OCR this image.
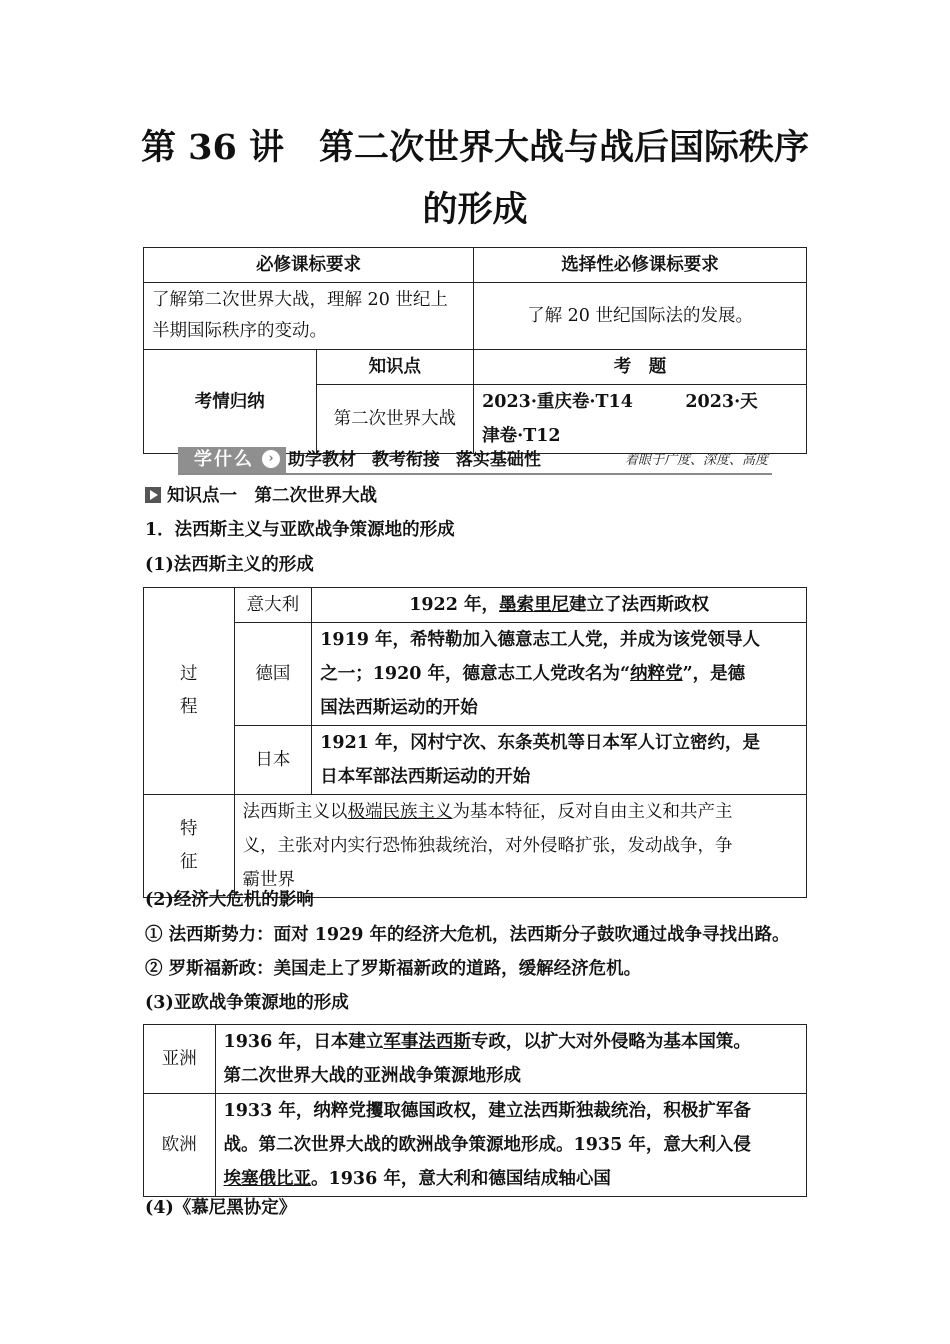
第 36 讲　第二次世界大战与战后国际秩序
的形成
必修课标要求		选择性必修课标要求
了解第二次世界大战，理解 20 世纪上半期国际秩序的变动。		了解 20 世纪国际法的发展。
考情归纳	知识点	考　题
	第二次世界大战	2023·重庆卷·T14　　　2023·天
津卷·T12
学什么	› 助学教材 教考衔接 落实基础性	着眼于广度、深度、高度
知识点一　第二次世界大战
1．法西斯主义与亚欧战争策源地的形成
(1)法西斯主义的形成
过程	意大利	1922 年，墨索里尼建立了法西斯政权
	德国	1919 年，希特勒加入德意志工人党，并成为该党领导人
之一；1920 年，德意志工人党改名为“纳粹党”，是德
国法西斯运动的开始

	日本	1921 年，冈村宁次、东条英机等日本军人订立密约，是
日本军部法西斯运动的开始

特征	法西斯主义以极端民族主义为基本特征，反对自由主义和共产主
义，主张对内实行恐怖独裁统治，对外侵略扩张，发动战争，争
霸世界	
(2)经济大危机的影响
① 法西斯势力：面对 1929 年的经济大危机，法西斯分子鼓吹通过战争寻找出路。
② 罗斯福新政：美国走上了罗斯福新政的道路，缓解经济危机。
(3)亚欧战争策源地的形成
亚洲	1936 年，日本建立军事法西斯专政，以扩大对外侵略为基本国策。
第二次世界大战的亚洲战争策源地形成

欧洲	1933 年，纳粹党攫取德国政权，建立法西斯独裁统治，积极扩军备
战。第二次世界大战的欧洲战争策源地形成。1935 年，意大利入侵
埃塞俄比亚。1936 年，意大利和德国结成轴心国
(4)《慕尼黑协定》
